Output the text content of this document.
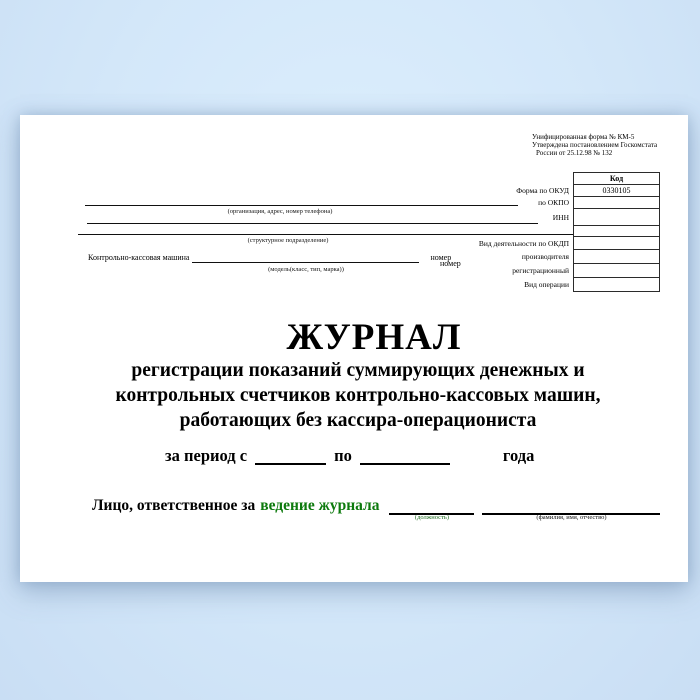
Унифицированная форма № КМ-5
Утверждена постановлением Госкомстата
России от 25.12.98 № 132
Код
Форма по ОКУД	0330105
по ОКПО
ИНН
Вид деятельности по ОКДП
производителя
регистрационный
Вид операции
номер
(организация, адрес, номер телефона)
(структурное подразделение)
Контрольно-кассовая машина	номер
(модель(класс, тип, марка))
ЖУРНАЛ
регистрации показаний суммирующих денежных и
контрольных счетчиков контрольно-кассовых машин,
работающих без кассира-операциониста
за период с	по	года
Лицо, ответственное за ведение журнала
(должность)	(фамилия, имя, отчество)
